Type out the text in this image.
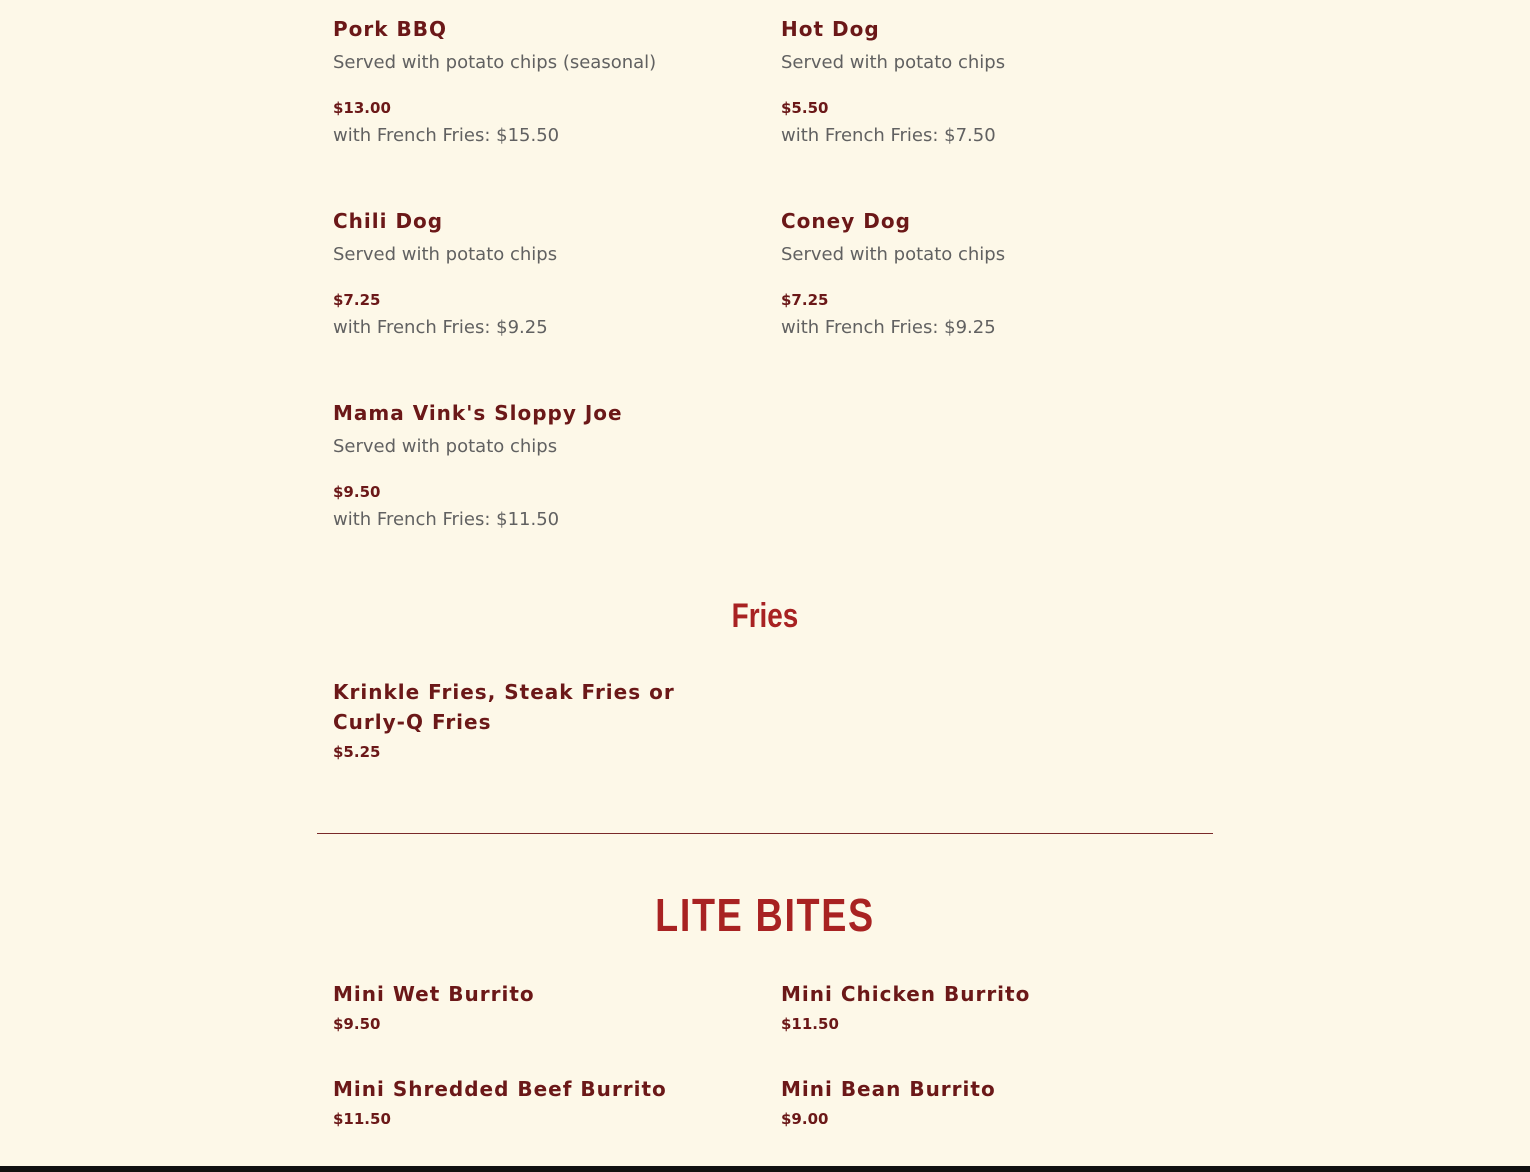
Pork BBQ
Served with potato chips (seasonal)
$13.00
with French Fries: $15.50
Hot Dog
Served with potato chips
$5.50
with French Fries: $7.50
Chili Dog
Served with potato chips
$7.25
with French Fries: $9.25
Coney Dog
Served with potato chips
$7.25
with French Fries: $9.25
Mama Vink's Sloppy Joe
Served with potato chips
$9.50
with French Fries: $11.50
Fries
Krinkle Fries, Steak Fries or Curly-Q Fries
$5.25
LITE BITES
Mini Wet Burrito
$9.50
Mini Chicken Burrito
$11.50
Mini Shredded Beef Burrito
$11.50
Mini Bean Burrito
$9.00
